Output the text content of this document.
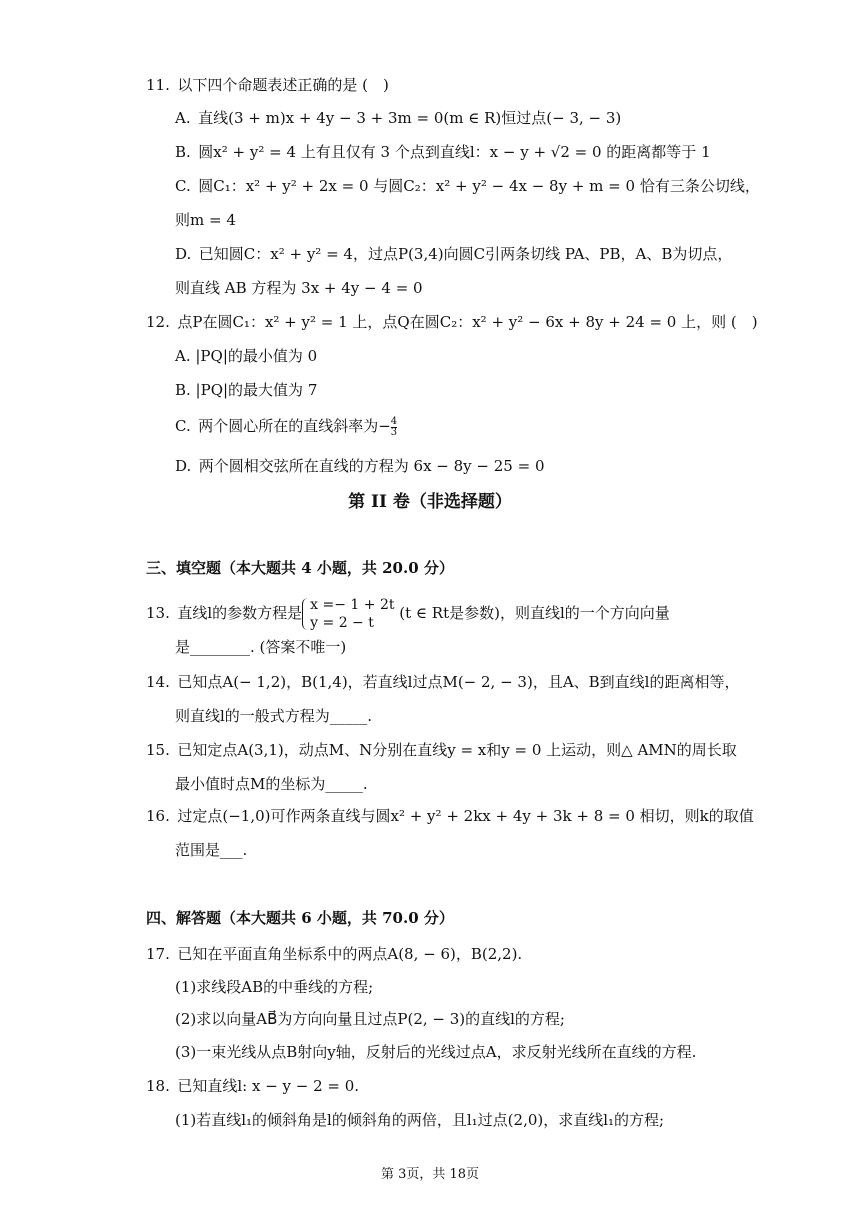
11. 以下四个命题表述正确的是 ( )
A. 直线(3 + m)x + 4y − 3 + 3m = 0(m ∈ R)恒过点(− 3, − 3)
B. 圆x² + y² = 4 上有且仅有 3 个点到直线l：x − y + √2 = 0 的距离都等于 1
C. 圆C₁：x² + y² + 2x = 0 与圆C₂：x² + y² − 4x − 8y + m = 0 恰有三条公切线，
则m = 4
D. 已知圆C：x² + y² = 4，过点P(3,4)向圆C引两条切线 PA、PB，A、B为切点，
则直线 AB 方程为 3x + 4y − 4 = 0
12. 点P在圆C₁：x² + y² = 1 上，点Q在圆C₂：x² + y² − 6x + 8y + 24 = 0 上，则 ( )
A. |PQ|的最小值为 0
B. |PQ|的最大值为 7
C. 两个圆心所在的直线斜率为− $\frac{4}{3}$
D. 两个圆相交弦所在直线的方程为 6x − 8y − 25 = 0
第 II 卷（非选择题）
三、填空题（本大题共 4 小题，共 20.0 分）
13. 直线l的参数方程是 x =− 1 + 2t
y = 2 − t
(t ∈ Rt是参数)，则直线l的一个方向向量
是________. (答案不唯一)
14. 已知点A(− 1,2)，B(1,4)，若直线l过点M(− 2, − 3)，且A、B到直线l的距离相等，
则直线l的一般式方程为_____.
15. 已知定点A(3,1)，动点M、N分别在直线y = x和y = 0 上运动，则△ AMN的周长取
最小值时点M的坐标为_____.
16. 过定点(−1,0)可作两条直线与圆x² + y² + 2kx + 4y + 3k + 8 = 0 相切，则k的取值
范围是___.
四、解答题（本大题共 6 小题，共 70.0 分）
17. 已知在平面直角坐标系中的两点A(8, − 6)，B(2,2).
(1)求线段AB的中垂线的方程;
(2)求以向量AB⃗为方向向量且过点P(2, − 3)的直线l的方程;
(3)一束光线从点B射向y轴，反射后的光线过点A，求反射光线所在直线的方程.
18. 已知直线l: x − y − 2 = 0.
(1)若直线l₁的倾斜角是l的倾斜角的两倍，且l₁过点(2,0)，求直线l₁的方程;
第 3页，共 18页
